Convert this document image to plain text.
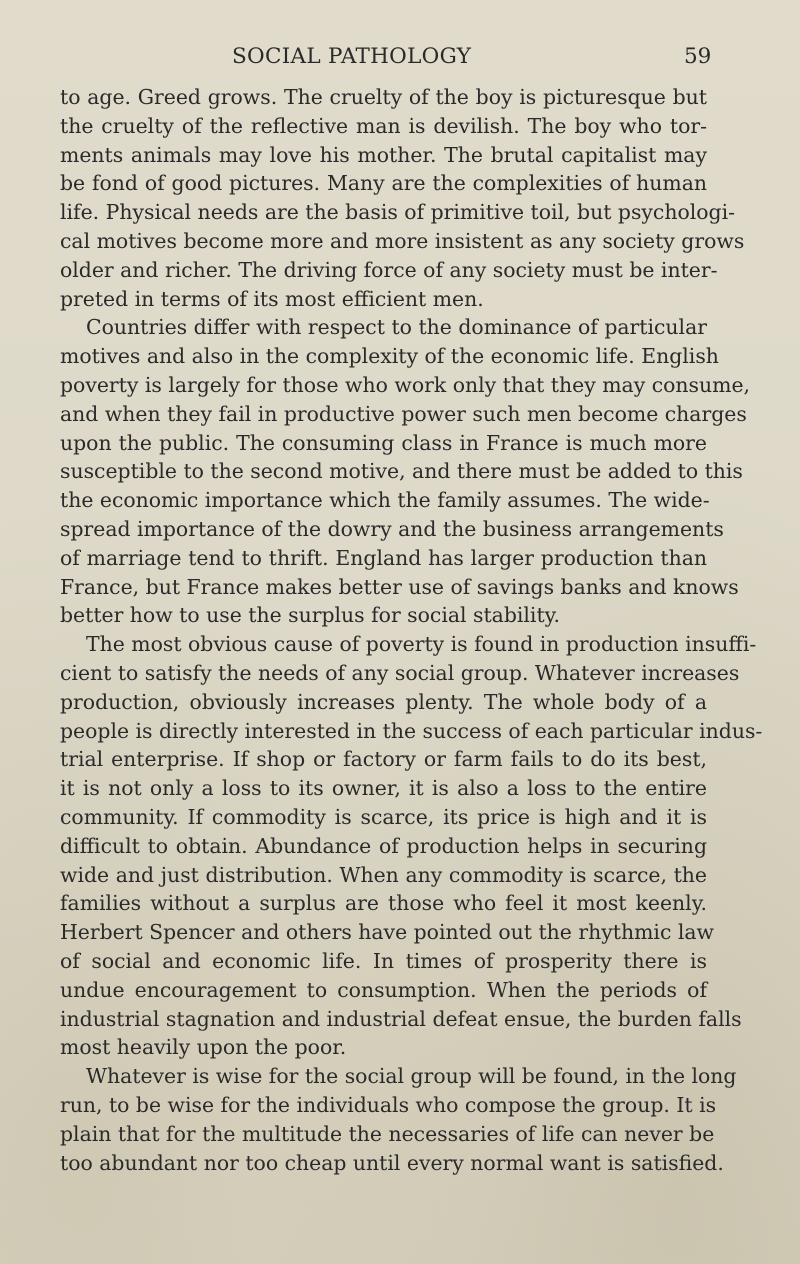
SOCIAL PATHOLOGY	59
to age. Greed grows. The cruelty of the boy is picturesque but
the cruelty of the reflective man is devilish. The boy who tor-
ments animals may love his mother. The brutal capitalist may
be fond of good pictures. Many are the complexities of human
life. Physical needs are the basis of primitive toil, but psychologi-
cal motives become more and more insistent as any society grows
older and richer. The driving force of any society must be inter-
preted in terms of its most efficient men.
Countries differ with respect to the dominance of particular
motives and also in the complexity of the economic life. English
poverty is largely for those who work only that they may consume,
and when they fail in productive power such men become charges
upon the public. The consuming class in France is much more
susceptible to the second motive, and there must be added to this
the economic importance which the family assumes. The wide-
spread importance of the dowry and the business arrangements
of marriage tend to thrift. England has larger production than
France, but France makes better use of savings banks and knows
better how to use the surplus for social stability.
The most obvious cause of poverty is found in production insuffi-
cient to satisfy the needs of any social group. Whatever increases
production, obviously increases plenty. The whole body of a
people is directly interested in the success of each particular indus-
trial enterprise. If shop or factory or farm fails to do its best,
it is not only a loss to its owner, it is also a loss to the entire
community. If commodity is scarce, its price is high and it is
difficult to obtain. Abundance of production helps in securing
wide and just distribution. When any commodity is scarce, the
families without a surplus are those who feel it most keenly.
Herbert Spencer and others have pointed out the rhythmic law
of social and economic life. In times of prosperity there is
undue encouragement to consumption. When the periods of
industrial stagnation and industrial defeat ensue, the burden falls
most heavily upon the poor.
Whatever is wise for the social group will be found, in the long
run, to be wise for the individuals who compose the group. It is
plain that for the multitude the necessaries of life can never be
too abundant nor too cheap until every normal want is satisfied.
